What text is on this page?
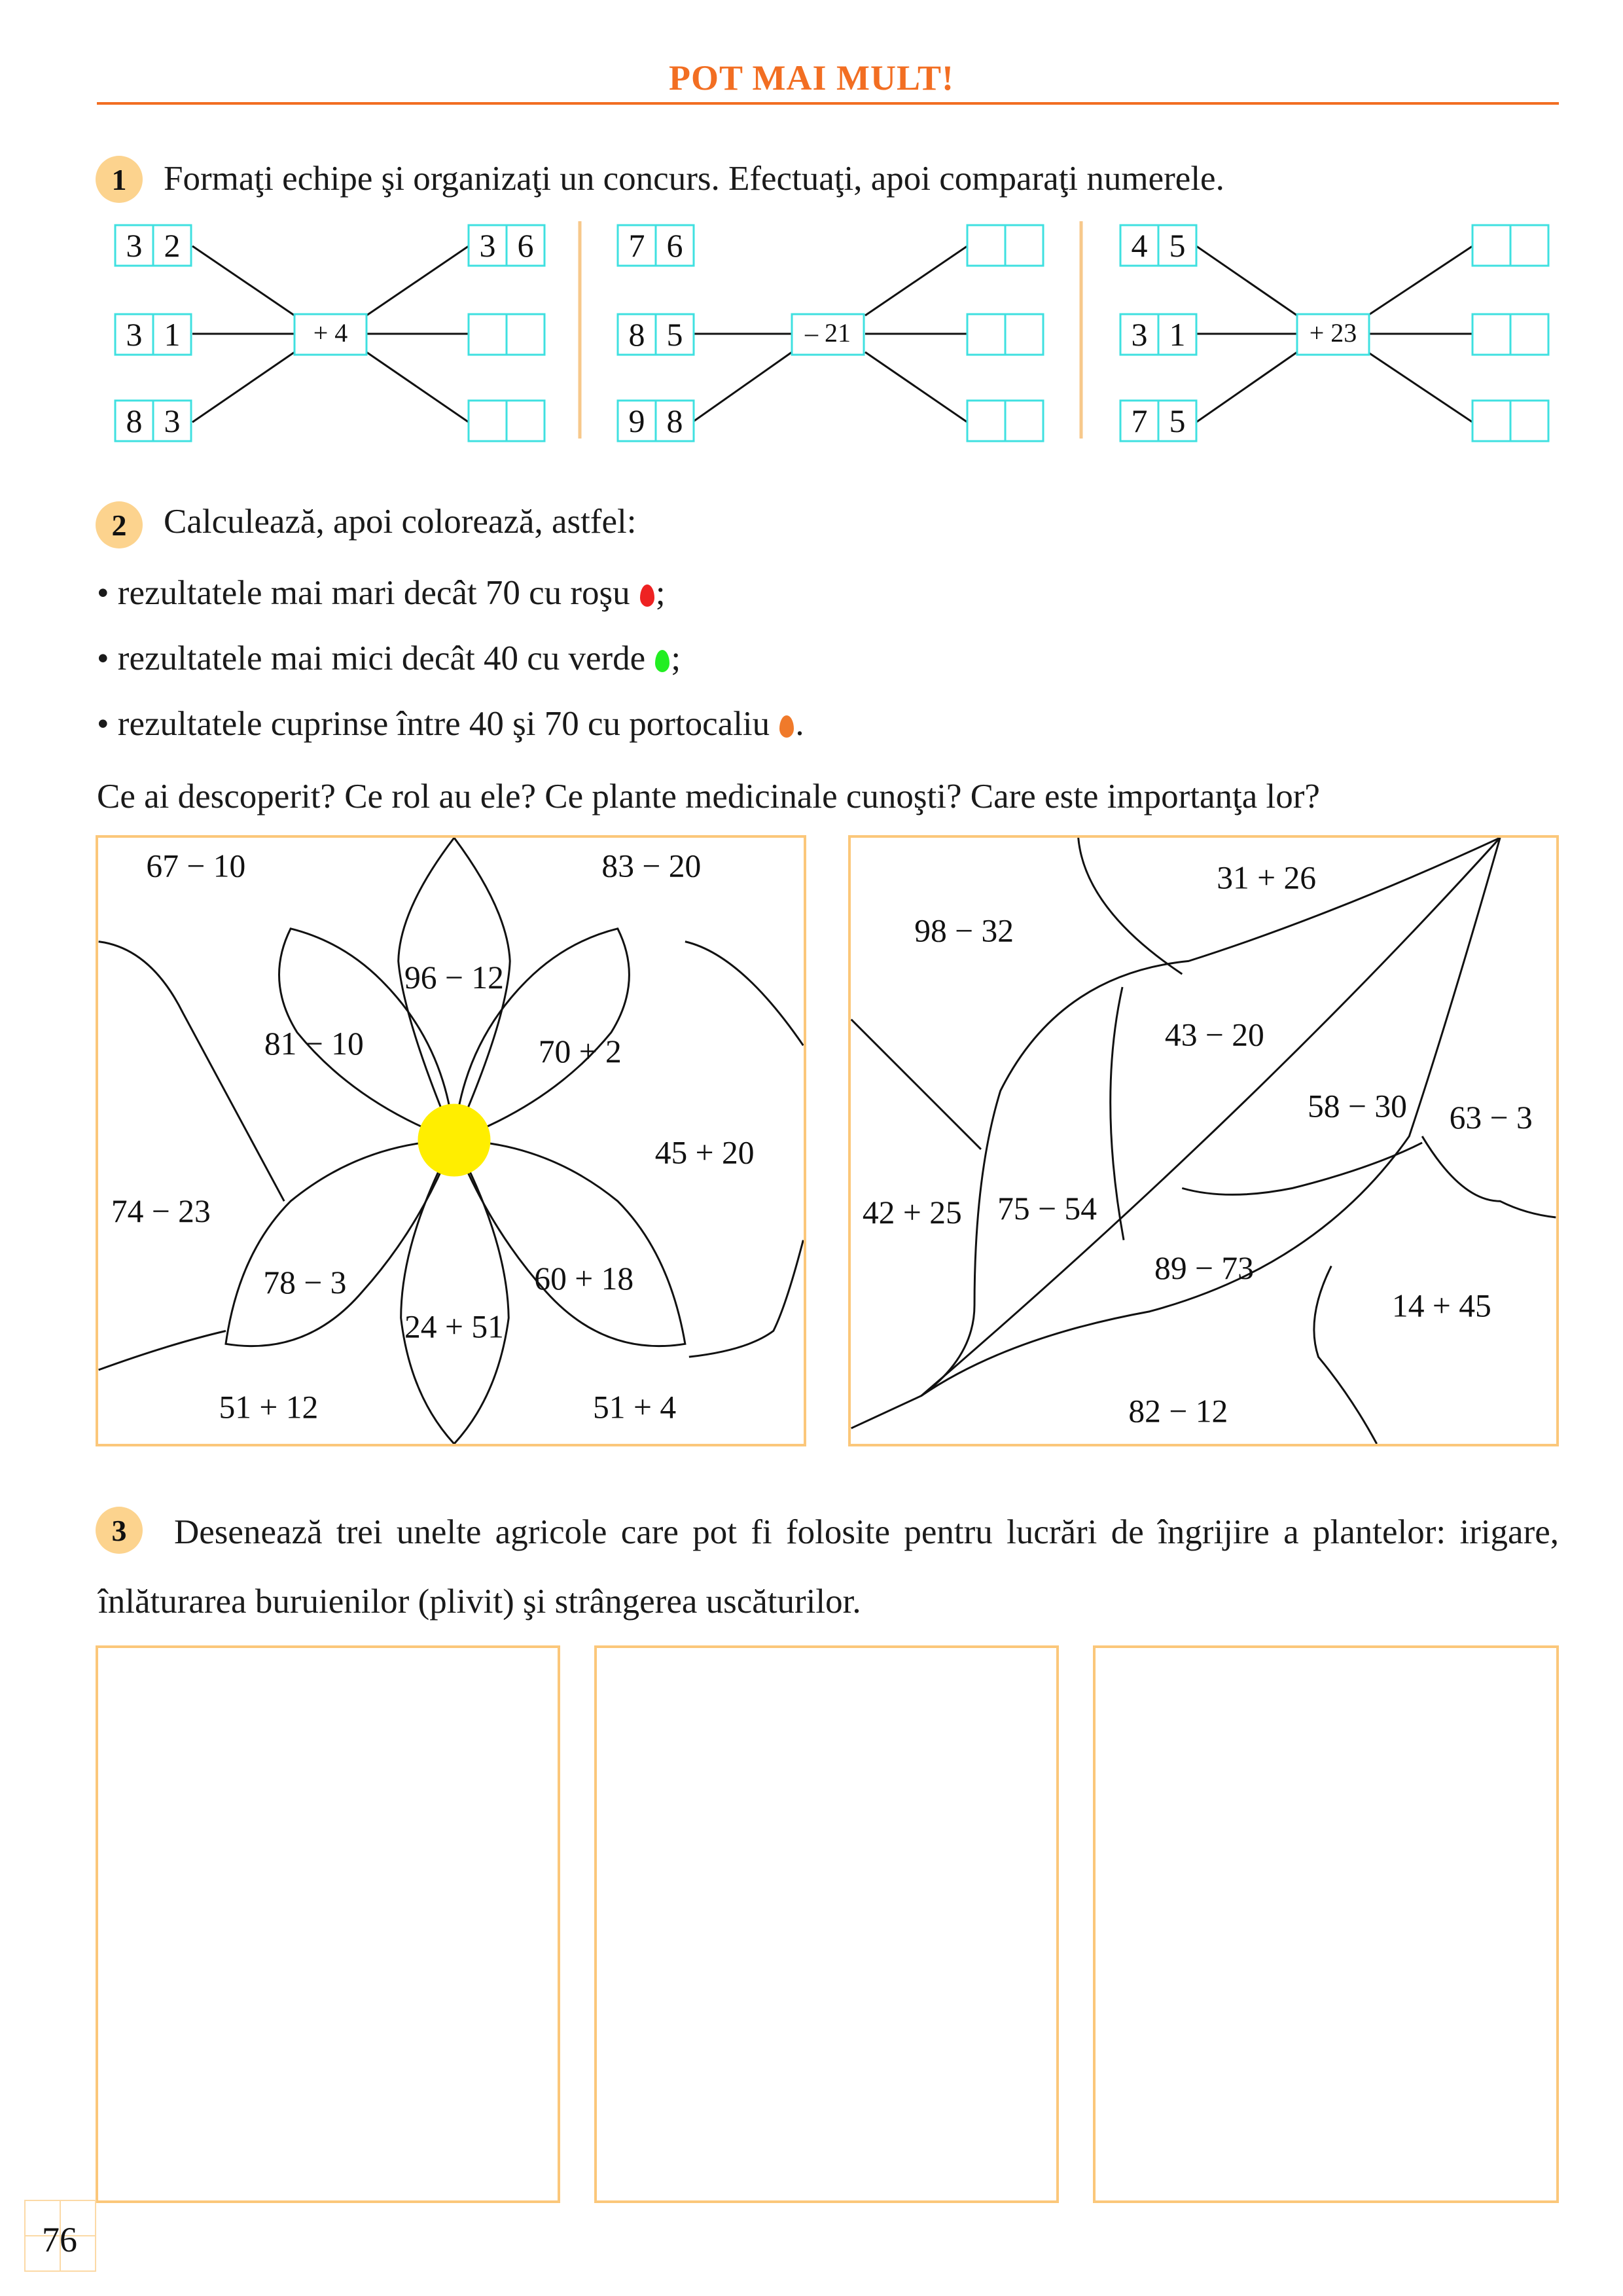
POT MAI MULT!
1	Formaţi echipe şi organizaţi un concurs. Efectuaţi, apoi comparaţi numerele.
3 2
3 1
8 3
3 6
+ 4
7 6
8 5
9 8
– 21
4 5
3 1
7 5
+ 23
2	Calculează, apoi colorează, astfel:
• rezultatele mai mari decât 70 cu roşu ;
• rezultatele mai mici decât 40 cu verde ;
• rezultatele cuprinse între 40 şi 70 cu portocaliu .
Ce ai descoperit? Ce rol au ele? Ce plante medicinale cunoşti? Care este importanţa lor?
67 − 10	83 − 20
96 − 12
81 − 10	70 + 2
45 + 20
74 − 23
78 − 3
24 + 51
60 + 18
51 + 12	51 + 4
31 + 26
98 − 32
43 − 20
58 − 30 63 − 3
42 + 25 75 − 54
89 − 73
14 + 45
82 − 12
3	Desenează trei unelte agricole care pot fi folosite pentru lucrări de îngrijire a plantelor: irigare, înlăturarea buruienilor (plivit) şi strângerea uscăturilor.
76
